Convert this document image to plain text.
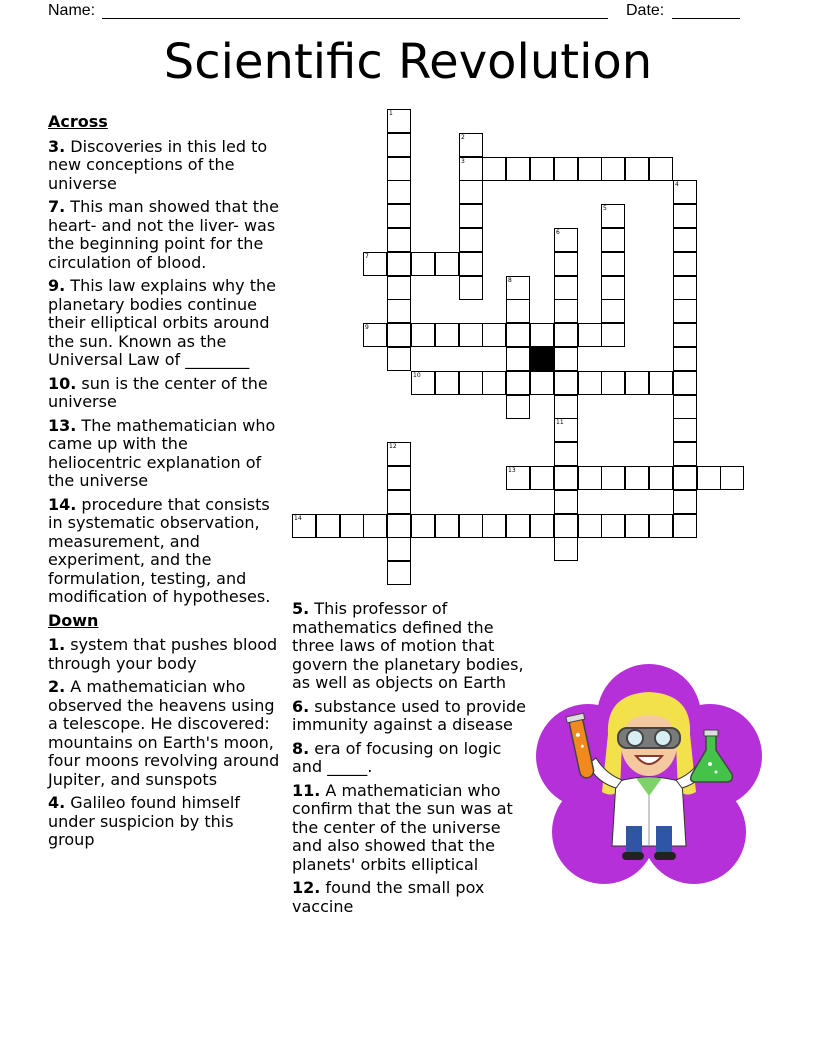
Name:	Date:
Scientific Revolution
Across
3. Discoveries in this led to new conceptions of the universe
7. This man showed that the heart- and not the liver- was the beginning point for the circulation of blood.
9. This law explains why the planetary bodies continue their elliptical orbits around the sun. Known as the Universal Law of ________
10. sun is the center of the universe
13. The mathematician who came up with the heliocentric explanation of the universe
14. procedure that consists in systematic observation, measurement, and experiment, and the formulation, testing, and modification of hypotheses.
Down
1. system that pushes blood through your body
2. A mathematician who observed the heavens using a telescope. He discovered: mountains on Earth's moon, four moons revolving around Jupiter, and sunspots
4. Galileo found himself under suspicion by this group
5. This professor of mathematics defined the three laws of motion that govern the planetary bodies, as well as objects on Earth
6. substance used to provide immunity against a disease
8. era of focusing on logic and _____.
11. A mathematician who confirm that the sun was at the center of the universe and also showed that the planets' orbits elliptical
12. found the small pox vaccine
1
2
3
4
5
6
7
8
9
10
11
12
13
14
